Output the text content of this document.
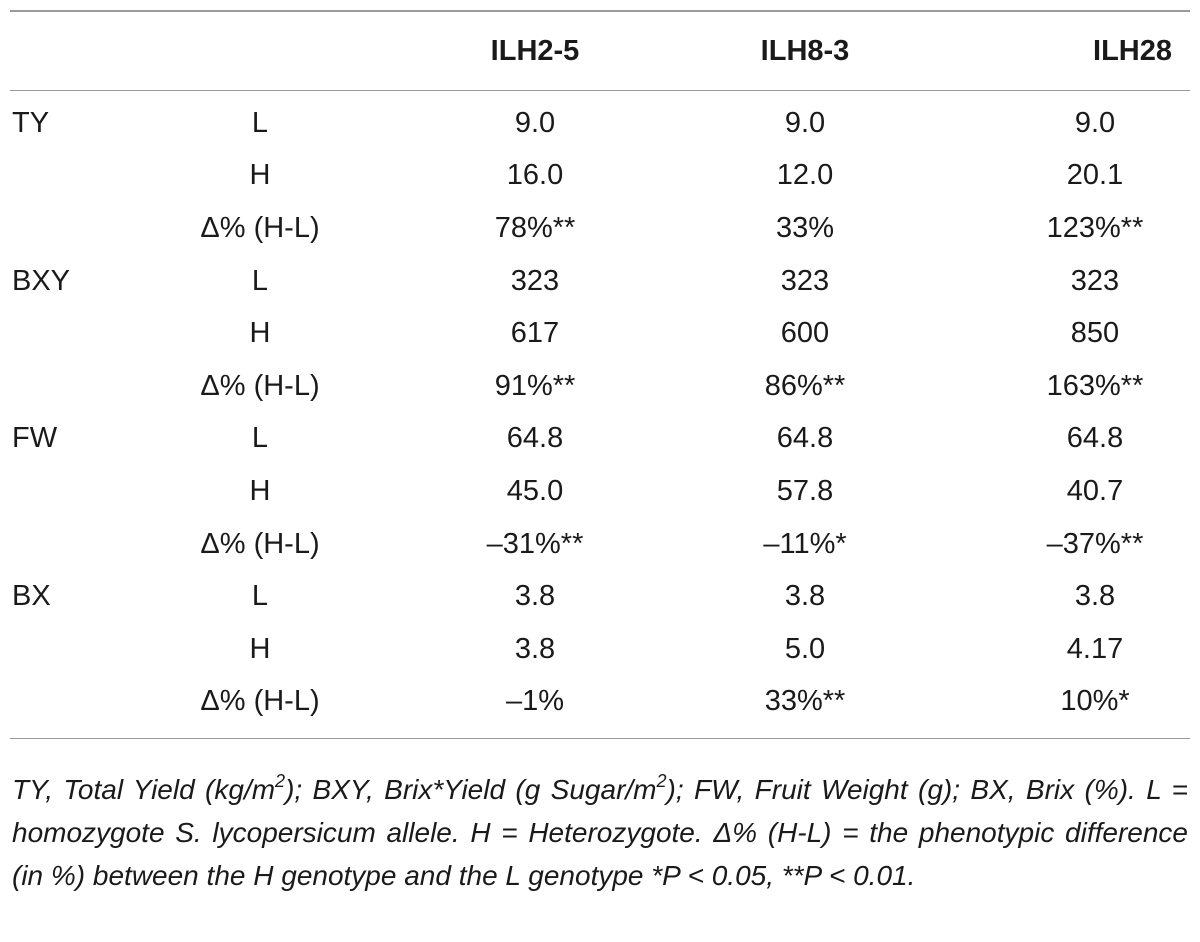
		ILH2-5	ILH8-3	ILH28
TY	L	9.0	9.0	9.0
	H	16.0	12.0	20.1
	Δ% (H-L)	78%**	33%	123%**
BXY	L	323	323	323
	H	617	600	850
	Δ% (H-L)	91%**	86%**	163%**
FW	L	64.8	64.8	64.8
	H	45.0	57.8	40.7
	Δ% (H-L)	–31%**	–11%*	–37%**
BX	L	3.8	3.8	3.8
	H	3.8	5.0	4.17
	Δ% (H-L)	–1%	33%**	10%*
TY, Total Yield $(kg/m^2)$; BXY, Brix*Yield (g Sugar/$m^2$); FW, Fruit Weight (g); BX, Brix (%). L = homozygote S. lycopersicum allele. H = Heterozygote. Δ% (H-L) = the phenotypic difference (in %) between the H genotype and the L genotype *P < 0.05, **P < 0.01.
